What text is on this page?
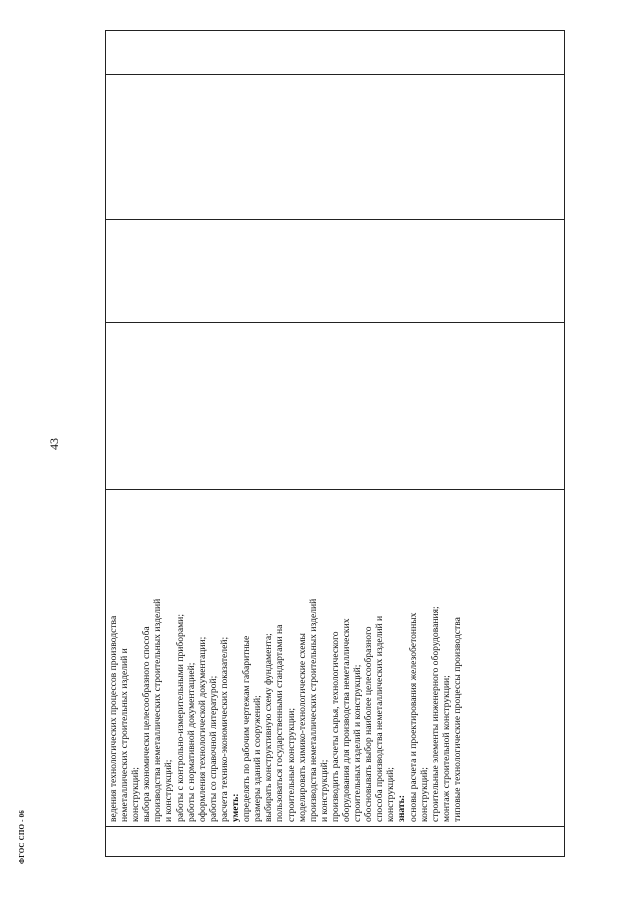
ФГОС СПО - 06
43
ведения технологических процессов производства неметаллических строительных изделий и конструкций; выбора экономически целесообразного способа производства неметаллических строительных изделий и конструкций; работы с контрольно-измерительными приборами; работы с нормативной документацией; оформления технологической документации; работы со справочной литературой; расчета технико-экономических показателей; уметь: определять по рабочим чертежам габаритные размеры зданий и сооружений; выбирать конструктивную схему фундамента; пользоваться государственными стандартами на строительные конструкции; моделировать химико-технологические схемы производства неметаллических строительных изделий и конструкций; производить расчеты сырья, технологического оборудования для производства неметаллических строительных изделий и конструкций; обосновывать выбор наиболее целесообразного способа производства неметаллических изделий и конструкций; знать: основы расчета и проектирования железобетонных конструкций; строительные элементы инженерного оборудования; монтаж строительной конструкции; типовые технологические процессы производства
